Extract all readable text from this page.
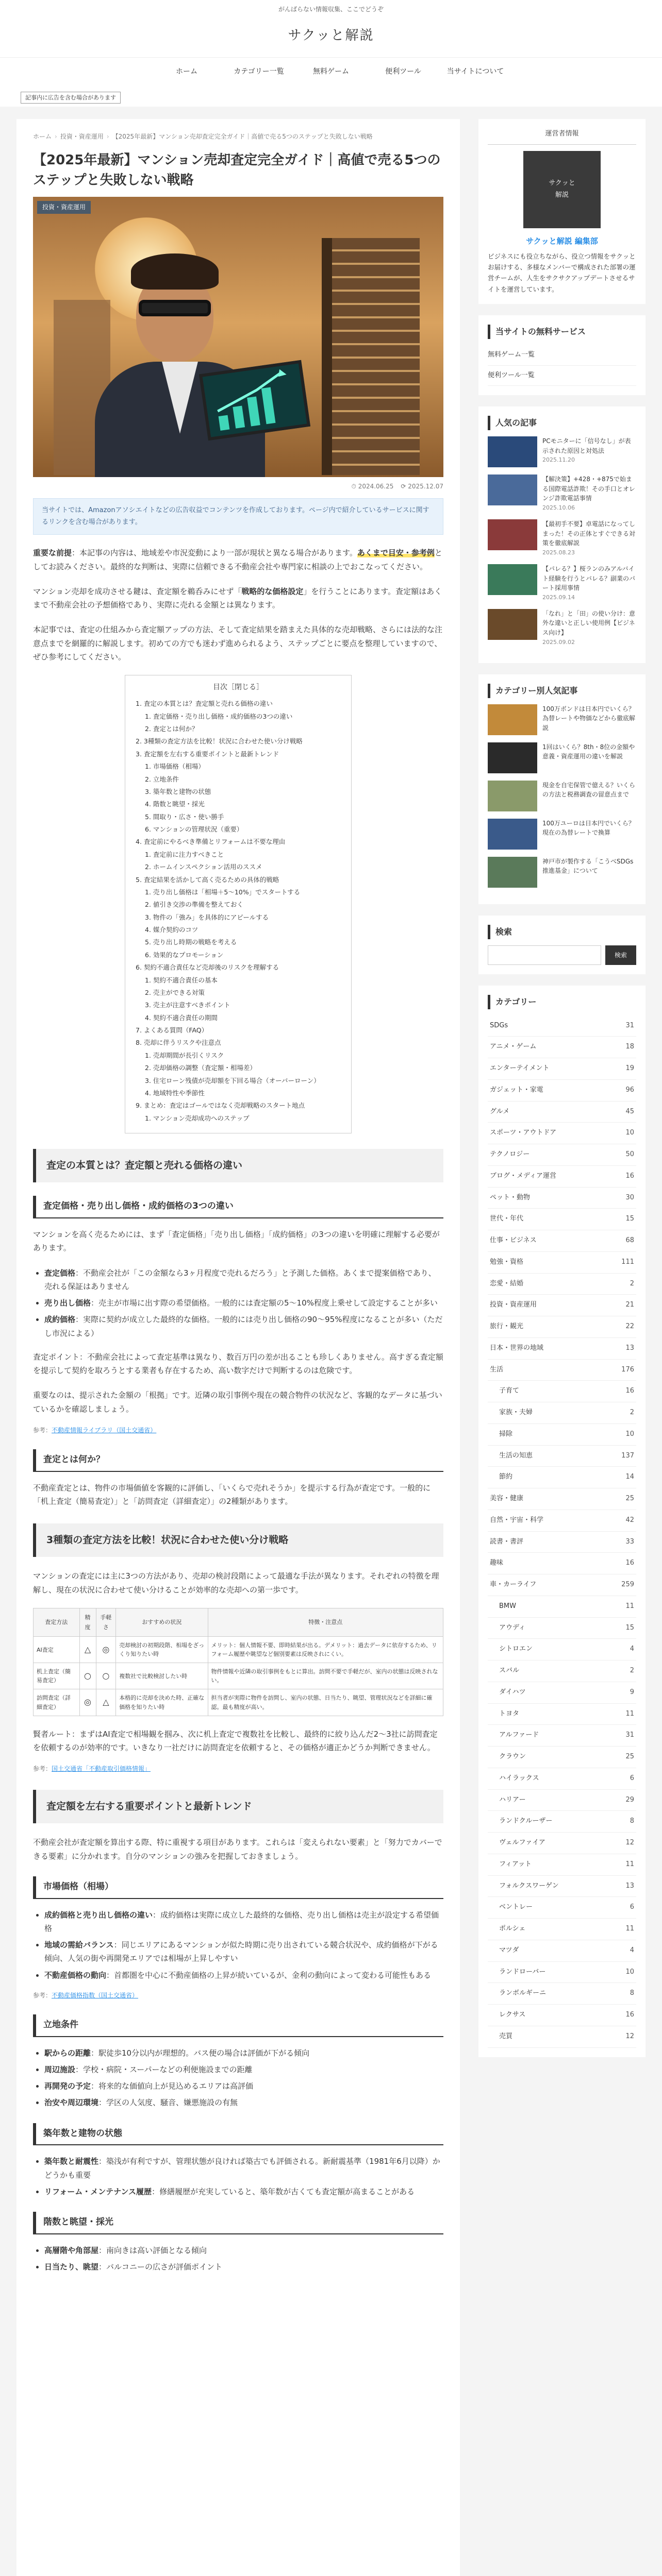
がんばらない情報収集、ここでどうぞ
サクッと解説
ホーム	カテゴリー一覧	無料ゲーム	便利ツール	当サイトについて
記事内に広告を含む場合があります
ホーム › 投資・資産運用 › 【2025年最新】マンション売却査定完全ガイド｜高値で売る5つのステップと失敗しない戦略
【2025年最新】マンション売却査定完全ガイド｜高値で売る5つのステップと失敗しない戦略
投資・資産運用
⏱ 2024.06.25 ⟳ 2025.12.07
当サイトでは、Amazonアソシエイトなどの広告収益でコンテンツを作成しております。ページ内で紹介しているサービスに関するリンクを含む場合があります。

重要な前提：本記事の内容は、地域差や市況変動により一部が現状と異なる場合があります。あくまで目安・参考例としてお読みください。最終的な判断は、実際に信頼できる不動産会社や専門家に相談の上でおこなってください。

マンション売却を成功させる鍵は、査定額を鵜呑みにせず「戦略的な価格設定」を行うことにあります。査定額はあくまで不動産会社の予想価格であり、実際に売れる金額とは異なります。

本記事では、査定の仕組みから査定額アップの方法、そして査定結果を踏まえた具体的な売却戦略、さらには法的な注意点までを網羅的に解説します。初めての方でも迷わず進められるよう、ステップごとに要点を整理していますので、ぜひ参考にしてください。

目次［閉じる］
1. 査定の本質とは？査定額と売れる価格の違い
1. 査定価格・売り出し価格・成約価格の3つの違い
2. 査定とは何か？
2. 3種類の査定方法を比較！状況に合わせた使い分け戦略
3. 査定額を左右する重要ポイントと最新トレンド
1. 市場価格（相場）
2. 立地条件
3. 築年数と建物の状態
4. 階数と眺望・採光
5. 間取り・広さ・使い勝手
6. マンションの管理状況（重要）
4. 査定前にやるべき準備とリフォームは不要な理由
1. 査定前に注力すべきこと
2. ホームインスペクション活用のススメ
5. 査定結果を活かして高く売るための具体的戦略
1. 売り出し価格は「相場＋5〜10%」でスタートする
2. 値引き交渉の準備を整えておく
3. 物件の「強み」を具体的にアピールする
4. 媒介契約のコツ
5. 売り出し時期の戦略を考える
6. 効果的なプロモーション
6. 契約不適合責任など売却後のリスクを理解する
1. 契約不適合責任の基本
2. 売主ができる対策
3. 売主が注意すべきポイント
4. 契約不適合責任の期間
7. よくある質問（FAQ）
8. 売却に伴うリスクや注意点
1. 売却期間が長引くリスク
2. 売却価格の調整（査定額・相場差）
3. 住宅ローン残債が売却額を下回る場合（オーバーローン）
4. 地域特性や季節性
9. まとめ：査定はゴールではなく売却戦略のスタート地点
1. マンション売却成功へのステップ
査定の本質とは？査定額と売れる価格の違い
査定価格・売り出し価格・成約価格の3つの違い

マンションを高く売るためには、まず「査定価格」「売り出し価格」「成約価格」の3つの違いを明確に理解する必要があります。

• 査定価格：不動産会社が「この金額なら3ヶ月程度で売れるだろう」と予測した価格。あくまで提案価格であり、売れる保証はありません
• 売り出し価格：売主が市場に出す際の希望価格。一般的には査定額の5〜10%程度上乗せして設定することが多い
• 成約価格：実際に契約が成立した最終的な価格。一般的には売り出し価格の90〜95%程度になることが多い（ただし市況による）

査定ポイント：不動産会社によって査定基準は異なり、数百万円の差が出ることも珍しくありません。高すぎる査定額を提示して契約を取ろうとする業者も存在するため、高い数字だけで判断するのは危険です。

重要なのは、提示された金額の「根拠」です。近隣の取引事例や現在の競合物件の状況など、客観的なデータに基づいているかを確認しましょう。

参考：不動産情報ライブラリ（国土交通省）
査定とは何か？

不動産査定とは、物件の市場価値を客観的に評価し、「いくらで売れそうか」を提示する行為が査定です。一般的に「机上査定（簡易査定）」と「訪問査定（詳細査定）」の2種類があります。

3種類の査定方法を比較！状況に合わせた使い分け戦略

マンションの査定には主に3つの方法があり、売却の検討段階によって最適な手法が異なります。それぞれの特徴を理解し、現在の状況に合わせて使い分けることが効率的な売却への第一歩です。

査定方法	精度	手軽さ	おすすめの状況	特徴・注意点
AI査定	△	◎	売却検討の初期段階、相場をざっくり知りたい時	メリット：個人情報不要、即時結果が出る。デメリット：過去データに依存するため、リフォーム履歴や眺望など個別要素は反映されにくい。
机上査定（簡易査定）	○	○	複数社で比較検討したい時	物件情報や近隣の取引事例をもとに算出。訪問不要で手軽だが、室内の状態は反映されない。
訪問査定（詳細査定）	◎	△	本格的に売却を決めた時、正確な価格を知りたい時	担当者が実際に物件を訪問し、室内の状態、日当たり、眺望、管理状況などを詳細に確認。最も精度が高い。

賢者ルート：まずはAI査定で相場観を掴み、次に机上査定で複数社を比較し、最終的に絞り込んだ2〜3社に訪問査定を依頼するのが効率的です。いきなり一社だけに訪問査定を依頼すると、その価格が適正かどうか判断できません。

参考：国土交通省「不動産取引価格情報」
査定額を左右する重要ポイントと最新トレンド

不動産会社が査定額を算出する際、特に重視する項目があります。これらは「変えられない要素」と「努力でカバーできる要素」に分かれます。自分のマンションの強みを把握しておきましょう。

市場価格（相場）
• 成約価格と売り出し価格の違い：成約価格は実際に成立した最終的な価格、売り出し価格は売主が設定する希望価格
• 地域の需給バランス：同じエリアにあるマンションが似た時期に売り出されている競合状況や、成約価格が下がる傾向、人気の街や再開発エリアでは相場が上昇しやすい
• 不動産価格の動向：首都圏を中心に不動産価格の上昇が続いているが、金利の動向によって変わる可能性もある
参考：不動産価格指数（国土交通省）
立地条件
• 駅からの距離：駅徒歩10分以内が理想的。バス便の場合は評価が下がる傾向
• 周辺施設：学校・病院・スーパーなどの利便施設までの距離
• 再開発の予定：将来的な価値向上が見込めるエリアは高評価
• 治安や周辺環境：学区の人気度、騒音、嫌悪施設の有無
築年数と建物の状態
• 築年数と耐震性：築浅が有利ですが、管理状態が良ければ築古でも評価される。新耐震基準（1981年6月以降）かどうかも重要
• リフォーム・メンテナンス履歴：修繕履歴が充実していると、築年数が古くても査定額が高まることがある
階数と眺望・採光
• 高層階や角部屋：南向きは高い評価となる傾向
• 日当たり、眺望：バルコニーの広さが評価ポイント
運営者情報
サクッと
解説
サクッと解説 編集部
ビジネスにも役立ちながら、役立つ情報をサクッとお届けする、多様なメンバーで構成された部署の運営チームが、人生をサクサクアップデートさせるサイトを運営しています。
当サイトの無料サービス
無料ゲーム一覧
便利ツール一覧
人気の記事
PCモニターに「信号なし」が表示された原因と対処法
2025.11.20
【解決策】+428・+875で始まる国際電話詐欺！その手口とオレンジ詐欺電話事情
2025.10.06
【最初手不要】卓電話になってしまった！その正体とすぐできる対策を徹底解説
2025.08.23
【パレる？】桜ランのみアルバイト経験を行うとバレる？副業のパート採用事情
2025.09.14
「なれ」と「田」の使い分け：意外な違いと正しい使用例【ビジネス向け】
2025.09.02
カテゴリー別人気記事
100万ボンドは日本円でいくら？為替レートや物価などから徹底解説
1回はいくら？8th・8位の金額や意義・資産運用の違いを解説
現金を自宅保管で億える？いくらの方法と税務調査の留意点まで
100万ユーロは日本円でいくら？現在の為替レートで換算
神戸市が製作する「こうべSDGs推進基金」について
検索
検索
カテゴリー
SDGs	31
アニメ・ゲーム	18
エンターテイメント	19
ガジェット・家電	96
グルメ	45
スポーツ・アウトドア	10
テクノロジー	50
ブログ・メディア運営	16
ペット・動物	30
世代・年代	15
仕事・ビジネス	68
勉強・資格	111
恋愛・結婚	2
投資・資産運用	21
旅行・観光	22
日本・世界の地域	13
生活	176
子育て	16
家族・夫婦	2
掃除	10
生活の知恵	137
節約	14
美容・健康	25
自然・宇宙・科学	42
読書・書評	33
趣味	16
車・カーライフ	259
BMW	11
アウディ	15
シトロエン	4
スバル	2
ダイハツ	9
トヨタ	11
アルファード	31
クラウン	25
ハイラックス	6
ハリアー	29
ランドクルーザー	8
ヴェルファイア	12
フィアット	11
フォルクスワーゲン	13
ベントレー	6
ポルシェ	11
マツダ	4
ランドローバー	10
ランボルギーニ	8
レクサス	16
売買	12
